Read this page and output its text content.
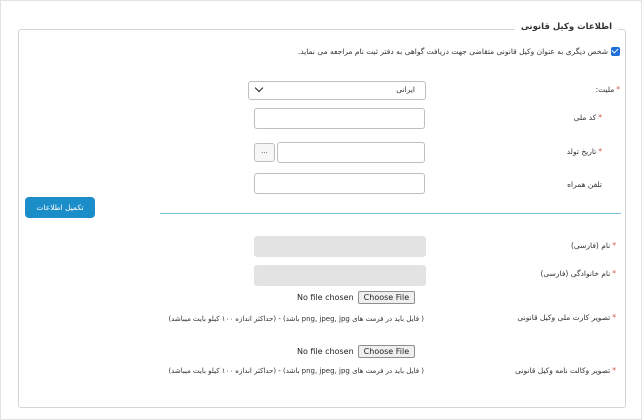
اطلاعات وکیل قانونی
شخص دیگری به عنوان وکیل قانونی متقاضی جهت دریافت گواهی به دفتر ثبت نام مراجعه می نماید.
*ملیت:
ایرانی
*کد ملی
*تاریخ تولد
...
تلفن همراه
تکمیل اطلاعات
*نام (فارسی)
*نام خانوادگی (فارسی)
*تصویر کارت ملی وکیل قانونی
No file chosen	Choose File
( فایل باید در فرمت های png, jpeg, jpg باشد) - (حداکثر اندازه ۱۰۰ کیلو بایت میباشد)
*تصویر وکالت نامه وکیل قانونی
No file chosen	Choose File
( فایل باید در فرمت های png, jpeg, jpg باشد) - (حداکثر اندازه ۱۰۰ کیلو بایت میباشد)
